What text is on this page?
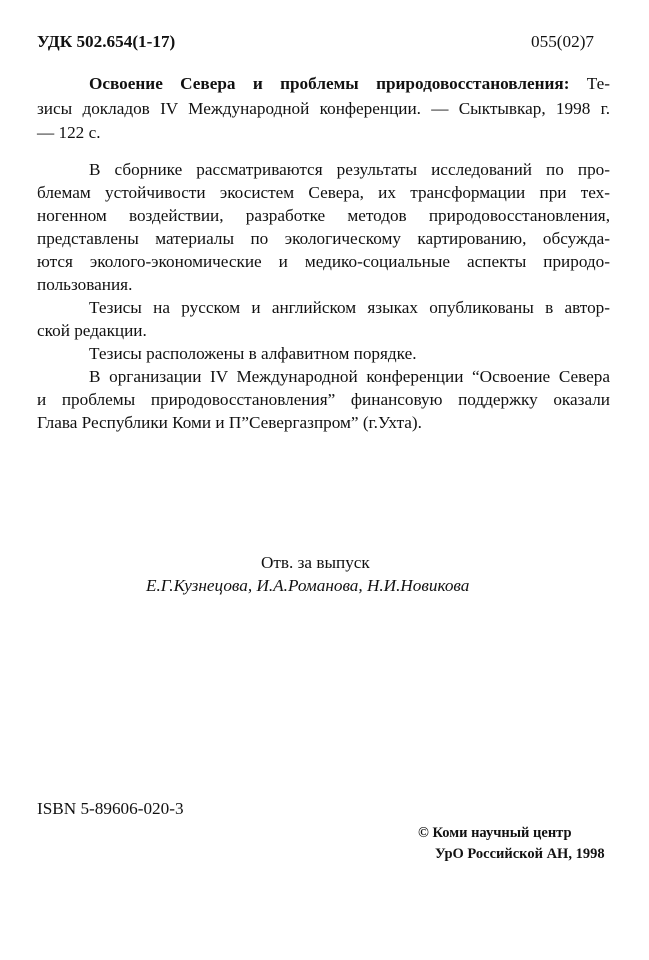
УДК 502.654(1-17)	055(02)7
Освоение Севера и проблемы природовосстановления: Те-
зисы докладов IV Международной конференции. — Сыктывкар, 1998 г.
— 122 с.
В сборнике рассматриваются результаты исследований по про-
блемам устойчивости экосистем Севера, их трансформации при тех-
ногенном воздействии, разработке методов природовосстановления,
представлены материалы по экологическому картированию, обсужда-
ются эколого-экономические и медико-социальные аспекты природо-
пользования.
Тезисы на русском и английском языках опубликованы в автор-
ской редакции.
Тезисы расположены в алфавитном порядке.
В организации IV Международной конференции “Освоение Севера
и проблемы природовосстановления” финансовую поддержку оказали
Глава Республики Коми и П”Севергазпром” (г.Ухта).
Отв. за выпуск
Е.Г.Кузнецова, И.А.Романова, Н.И.Новикова
ISBN 5-89606-020-3
© Коми научный центр
УрО Российской АН, 1998
